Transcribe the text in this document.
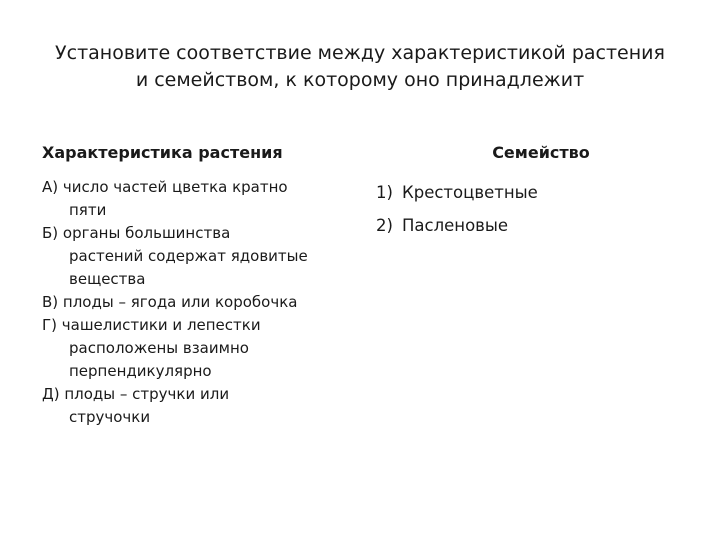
Установите соответствие между характеристикой растения
и семейством, к которому оно принадлежит
Характеристика растения
А) число частей цветка кратно
пяти
Б) органы большинства
растений содержат ядовитые
вещества
В) плоды – ягода или коробочка
Г) чашелистики и лепестки
расположены взаимно
перпендикулярно
Д) плоды – стручки или
стручочки
Семейство
1) Крестоцветные
2) Пасленовые
